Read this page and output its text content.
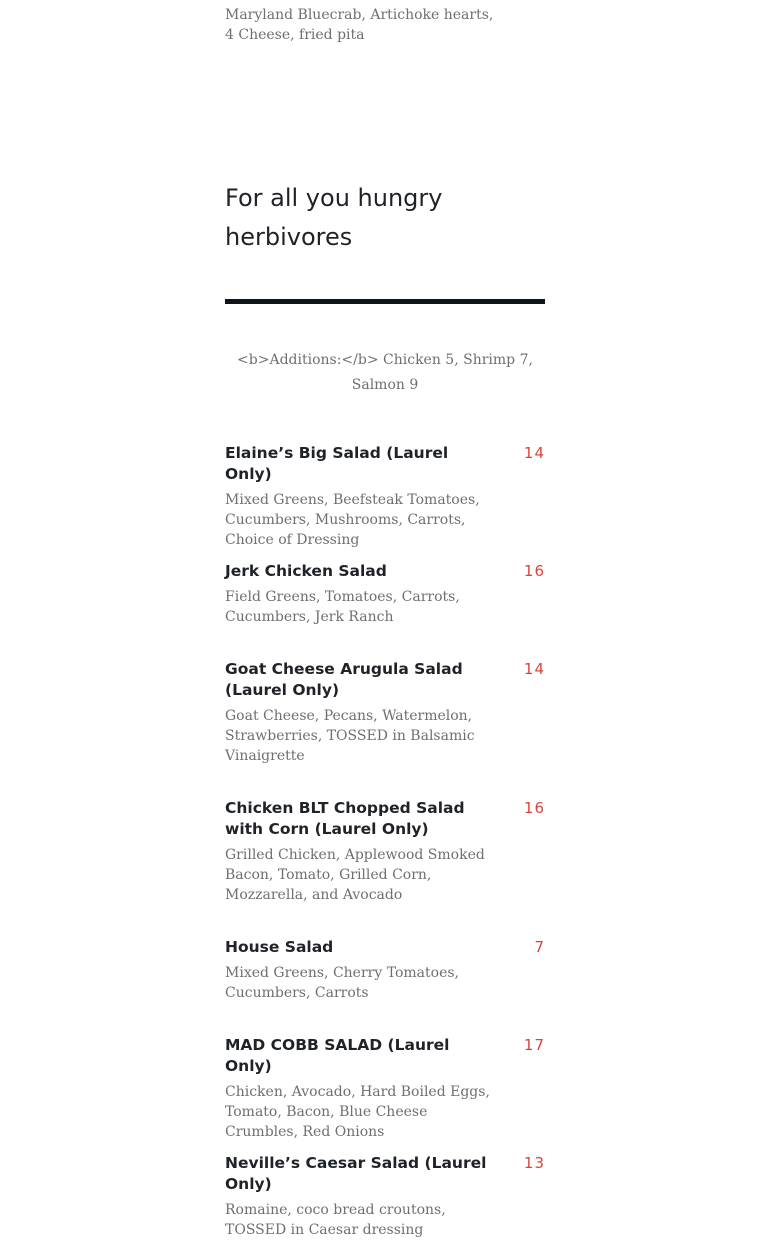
Maryland Bluecrab, Artichoke hearts, 4 Cheese, fried pita
For all you hungry herbivores
<b>Additions:</b> Chicken 5, Shrimp 7, Salmon 9
Elaine’s Big Salad (Laurel Only)
14
Mixed Greens, Beefsteak Tomatoes, Cucumbers, Mushrooms, Carrots, Choice of Dressing
Jerk Chicken Salad	16
Field Greens, Tomatoes, Carrots, Cucumbers, Jerk Ranch
Goat Cheese Arugula Salad (Laurel Only)
14
Goat Cheese, Pecans, Watermelon, Strawberries, TOSSED in Balsamic Vinaigrette
Chicken BLT Chopped Salad with Corn (Laurel Only)
16
Grilled Chicken, Applewood Smoked Bacon, Tomato, Grilled Corn, Mozzarella, and Avocado
House Salad	7
Mixed Greens, Cherry Tomatoes, Cucumbers, Carrots
MAD COBB SALAD (Laurel Only)
17
Chicken, Avocado, Hard Boiled Eggs, Tomato, Bacon, Blue Cheese Crumbles, Red Onions
Neville’s Caesar Salad (Laurel Only)
13
Romaine, coco bread croutons, TOSSED in Caesar dressing
